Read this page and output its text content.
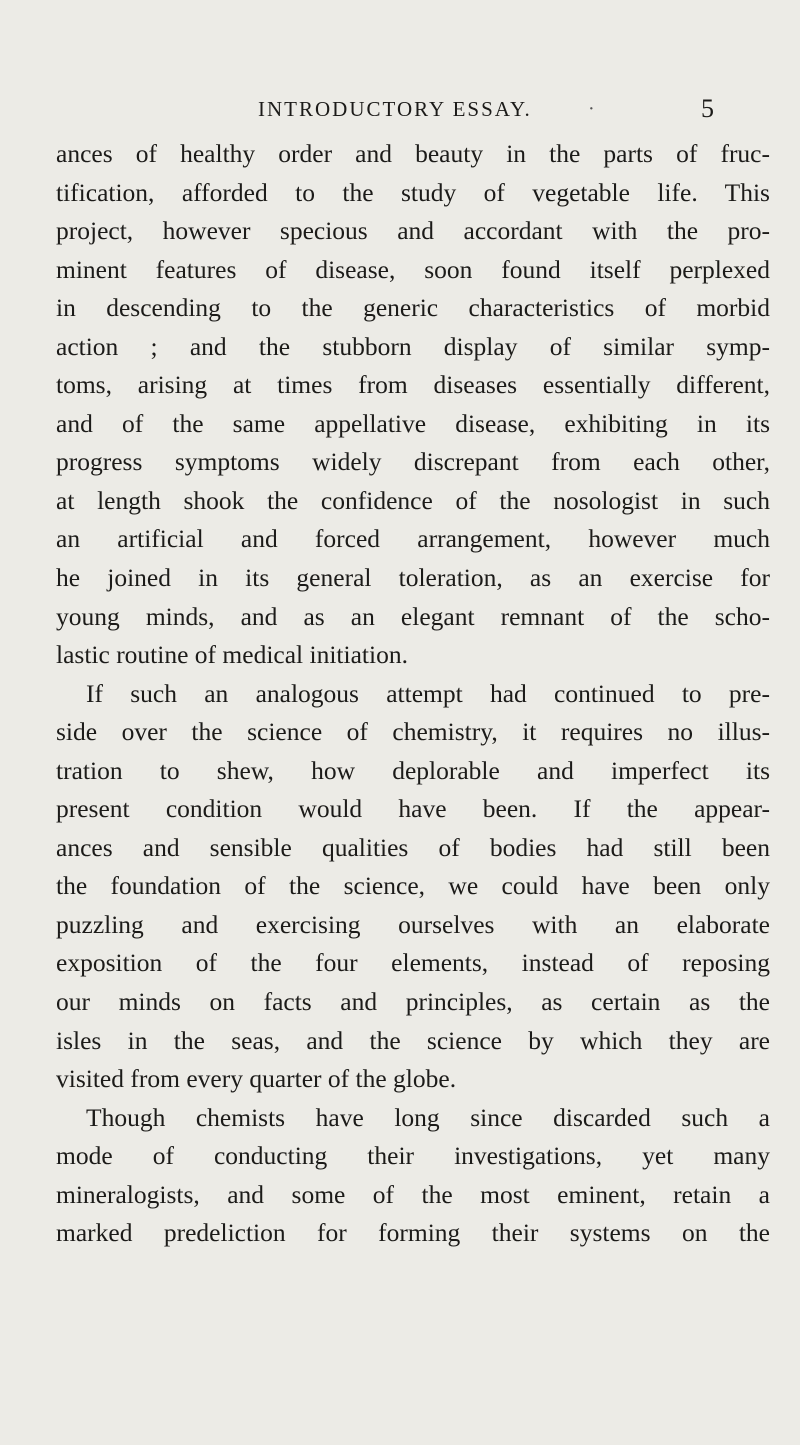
INTRODUCTORY ESSAY.	·	5
ances of healthy order and beauty in the parts of fruc-
tification, afforded to the study of vegetable life. This
project, however specious and accordant with the pro-
minent features of disease, soon found itself perplexed
in descending to the generic characteristics of morbid
action ; and the stubborn display of similar symp-
toms, arising at times from diseases essentially different,
and of the same appellative disease, exhibiting in its
progress symptoms widely discrepant from each other,
at length shook the confidence of the nosologist in such
an artificial and forced arrangement, however much
he joined in its general toleration, as an exercise for
young minds, and as an elegant remnant of the scho-
lastic routine of medical initiation.
If such an analogous attempt had continued to pre-
side over the science of chemistry, it requires no illus-
tration to shew, how deplorable and imperfect its
present condition would have been. If the appear-
ances and sensible qualities of bodies had still been
the foundation of the science, we could have been only
puzzling and exercising ourselves with an elaborate
exposition of the four elements, instead of reposing
our minds on facts and principles, as certain as the
isles in the seas, and the science by which they are
visited from every quarter of the globe.
Though chemists have long since discarded such a
mode of conducting their investigations, yet many
mineralogists, and some of the most eminent, retain a
marked predeliction for forming their systems on the
